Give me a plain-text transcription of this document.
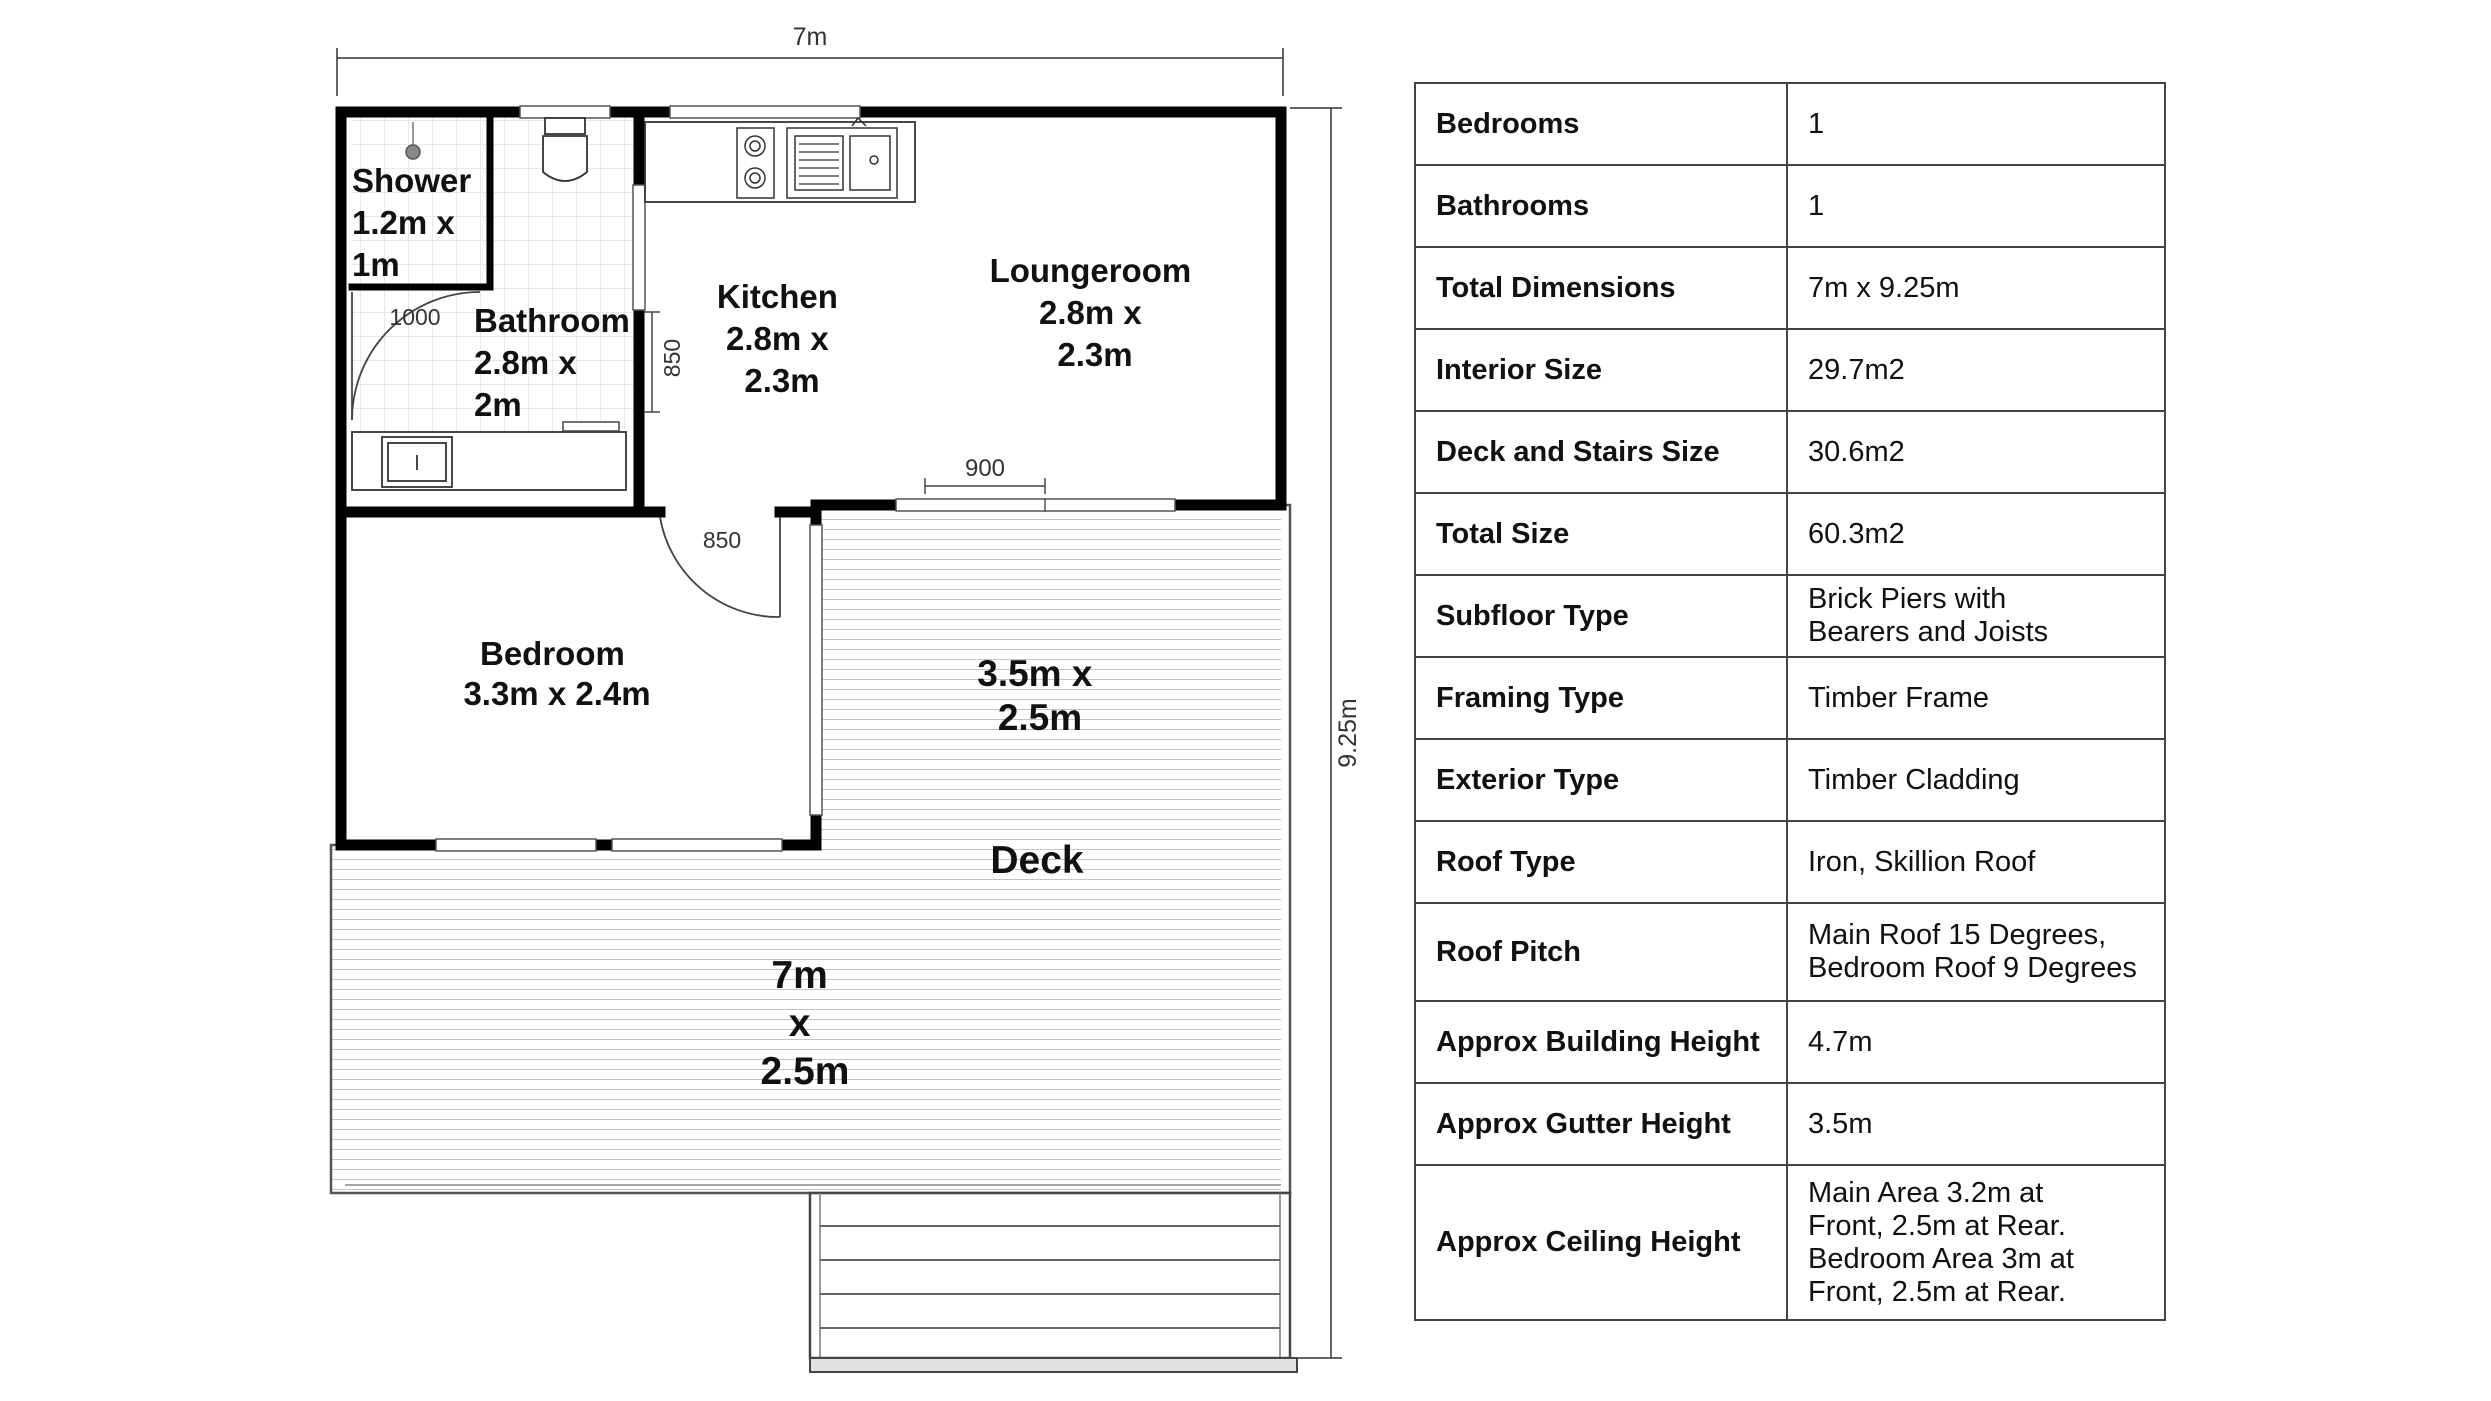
7m
9.25m
900
1000
850
850
Shower 1.2m x 1m
Bathroom 2.8m x 2m
Kitchen 2.8m x 2.3m
Loungeroom 2.8m x 2.3m
Bedroom 3.3m x 2.4m	3.5m x 2.5m
Deck
7m x 2.5m
Bedrooms	1

Bathrooms	1

Total Dimensions	7m x 9.25m

Interior Size	29.7m2

Deck and Stairs Size	30.6m2

Total Size	60.3m2

Subfloor Type	Brick Piers with
Bearers and Joists

Framing Type	Timber Frame

Exterior Type	Timber Cladding

Roof Type	Iron, Skillion Roof

Roof Pitch	Main Roof 15 Degrees,
Bedroom Roof 9 Degrees

Approx Building Height	4.7m

Approx Gutter Height	3.5m

Approx Ceiling Height	Main Area 3.2m at
Front, 2.5m at Rear.
Bedroom Area 3m at
Front, 2.5m at Rear.
